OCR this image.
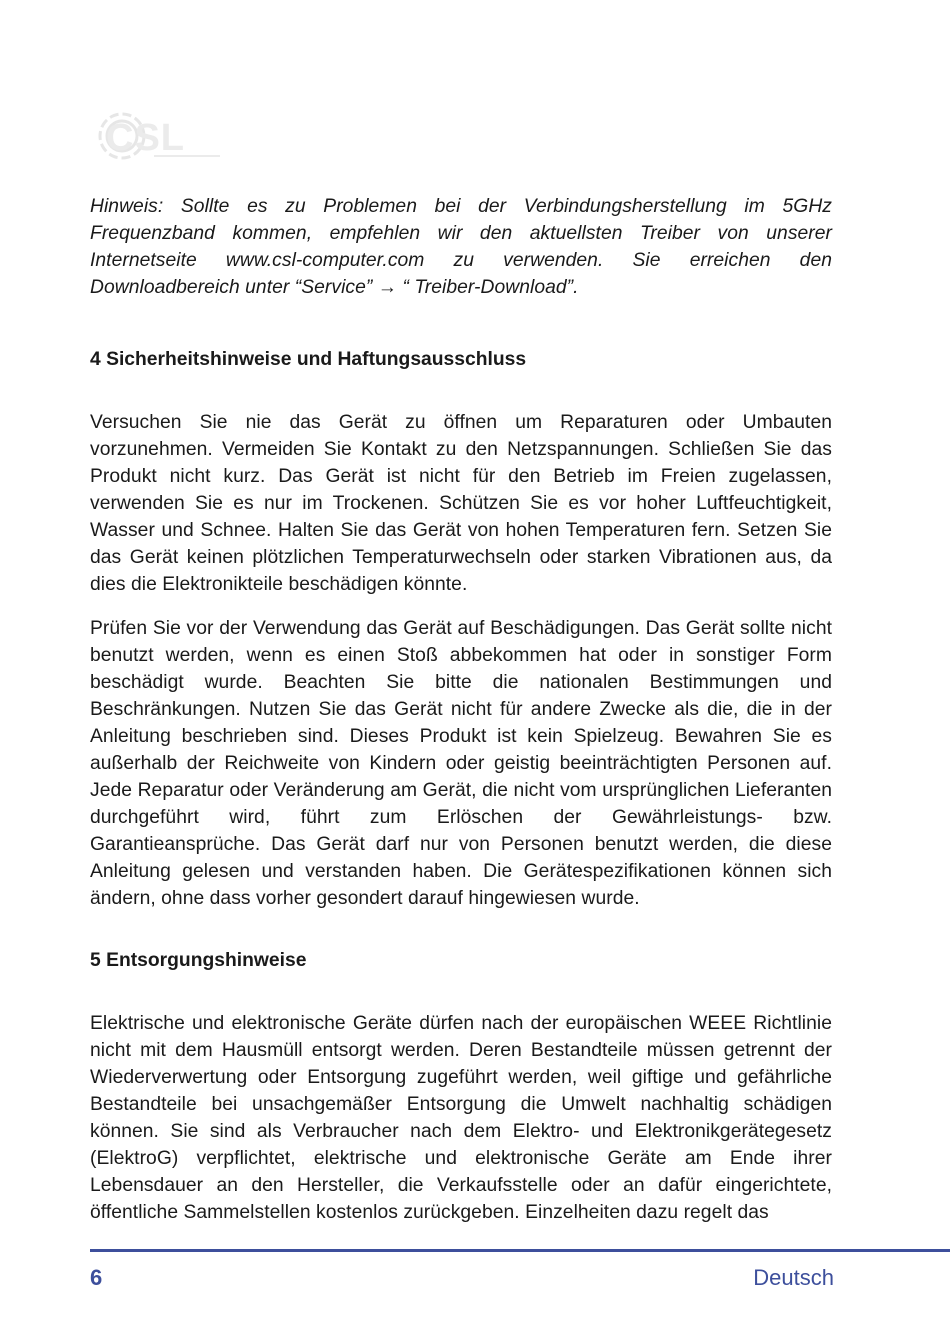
CSL

Hinweis: Sollte es zu Problemen bei der Verbindungsherstellung im 5GHz Frequenzband kommen, empfehlen wir den aktuellsten Treiber von unserer Internetseite www.csl-computer.com zu verwenden. Sie erreichen den Downloadbereich unter “Service” → “ Treiber-Download”.

4 Sicherheitshinweise und Haftungsausschluss

Versuchen Sie nie das Gerät zu öffnen um Reparaturen oder Umbauten vorzunehmen. Vermeiden Sie Kontakt zu den Netzspannungen. Schließen Sie das Produkt nicht kurz. Das Gerät ist nicht für den Betrieb im Freien zugelassen, verwenden Sie es nur im Trockenen. Schützen Sie es vor hoher Luftfeuchtigkeit, Wasser und Schnee. Halten Sie das Gerät von hohen Temperaturen fern. Setzen Sie das Gerät keinen plötzlichen Temperaturwechseln oder starken Vibrationen aus, da dies die Elektronikteile beschädigen könnte.

Prüfen Sie vor der Verwendung das Gerät auf Beschädigungen. Das Gerät sollte nicht benutzt werden, wenn es einen Stoß abbekommen hat oder in sonstiger Form beschädigt wurde. Beachten Sie bitte die nationalen Bestimmungen und Beschränkungen. Nutzen Sie das Gerät nicht für andere Zwecke als die, die in der Anleitung beschrieben sind. Dieses Produkt ist kein Spielzeug. Bewahren Sie es außerhalb der Reichweite von Kindern oder geistig beeinträchtigten Personen auf. Jede Reparatur oder Veränderung am Gerät, die nicht vom ursprünglichen Lieferanten durchgeführt wird, führt zum Erlöschen der Gewährleistungs- bzw. Garantieansprüche. Das Gerät darf nur von Personen benutzt werden, die diese Anleitung gelesen und verstanden haben. Die Gerätespezifikationen können sich ändern, ohne dass vorher gesondert darauf hingewiesen wurde.

5 Entsorgungshinweise

Elektrische und elektronische Geräte dürfen nach der europäischen WEEE Richtlinie nicht mit dem Hausmüll entsorgt werden. Deren Bestandteile müssen getrennt der Wiederverwertung oder Entsorgung zugeführt werden, weil giftige und gefährliche Bestandteile bei unsachgemäßer Entsorgung die Umwelt nachhaltig schädigen können. Sie sind als Verbraucher nach dem Elektro- und Elektronikgerätegesetz (ElektroG) verpflichtet, elektrische und elektronische Geräte am Ende ihrer Lebensdauer an den Hersteller, die Verkaufsstelle oder an dafür eingerichtete, öffentliche Sammelstellen kostenlos zurückgeben. Einzelheiten dazu regelt das

6	Deutsch
